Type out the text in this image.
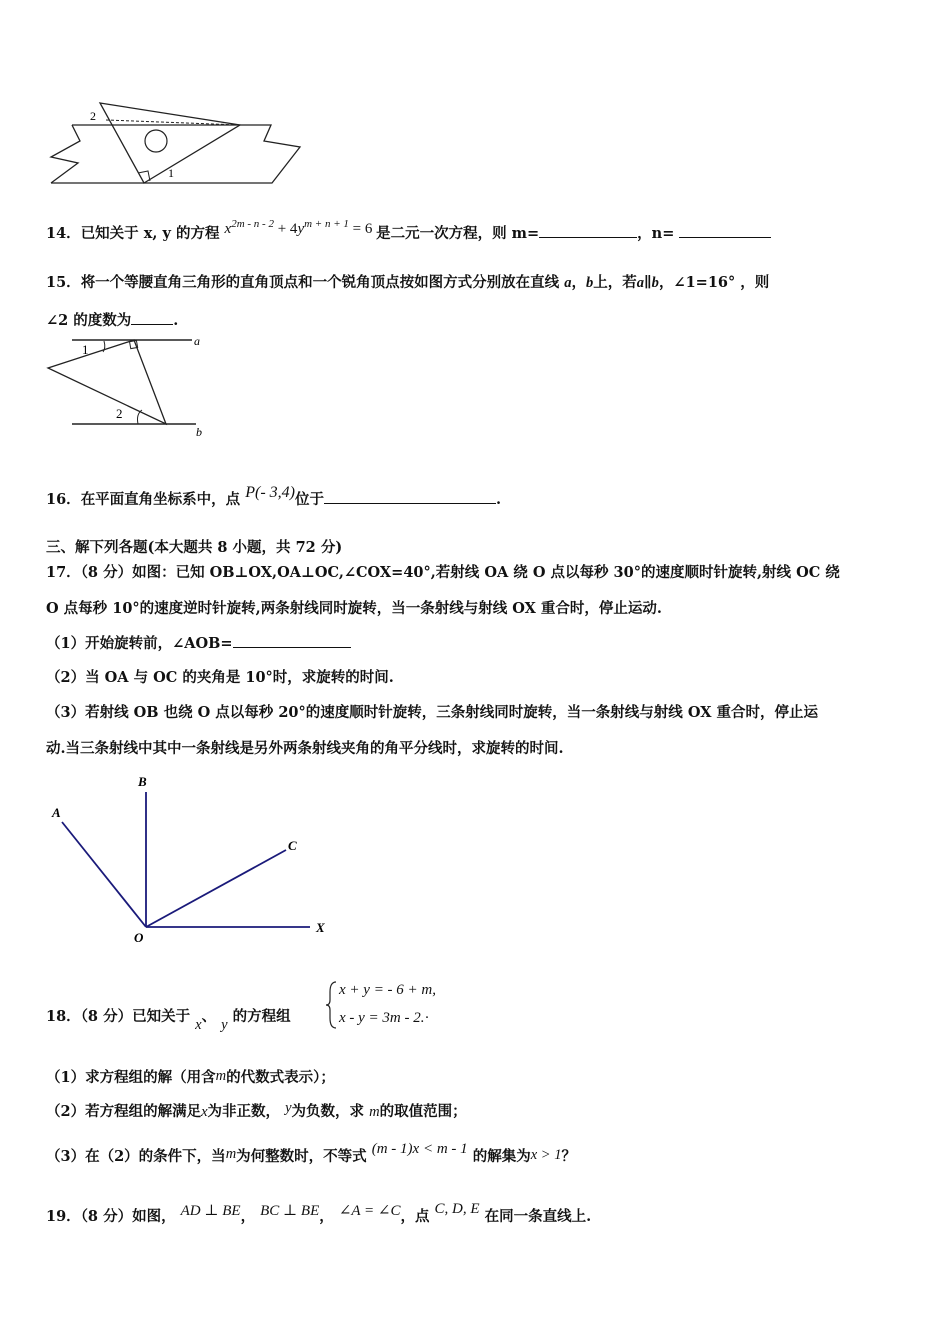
2
1
14．已知关于 x, y 的方程 $x^{2m - n - 2} + 4y^{m + n + 1} = 6$ 是二元一次方程，则 m=	，n=
15．将一个等腰直角三角形的直角顶点和一个锐角顶点按如图方式分别放在直线 a，b上，若a∥b，∠1=16° ，则
∠2 的度数为	.
1
2
a
b
16．在平面直角坐标系中，点 P(- 3,4)位于	.
三、解下列各题(本大题共 8 小题，共 72 分)
17．（8 分）如图：已知 OB⊥OX,OA⊥OC,∠COX=40°,若射线 OA 绕 O 点以每秒 30°的速度顺时针旋转,射线 OC 绕
O 点每秒 10°的速度逆时针旋转,两条射线同时旋转，当一条射线与射线 OX 重合时，停止运动.
（1）开始旋转前，∠AOB=
（2）当 OA 与 OC 的夹角是 10°时，求旋转的时间.
（3）若射线 OB 也绕 O 点以每秒 20°的速度顺时针旋转，三条射线同时旋转，当一条射线与射线 OX 重合时，停止运
动.当三条射线中其中一条射线是另外两条射线夹角的角平分线时，求旋转的时间.
B
A
C
O
X
18．（8 分）已知关于 x、 y 的方程组
x + y = - 6 + m,
x - y = 3m - 2.·
（1）求方程组的解（用含m的代数式表示）；
（2）若方程组的解满足x为非正数， y为负数，求 m的取值范围；
（3）在（2）的条件下，当m为何整数时，不等式 (m - 1)x < m - 1 的解集为x > 1？
19．（8 分）如图， AD ⊥ BE， BC ⊥ BE， ∠A = ∠C，点 C, D, E 在同一条直线上.
